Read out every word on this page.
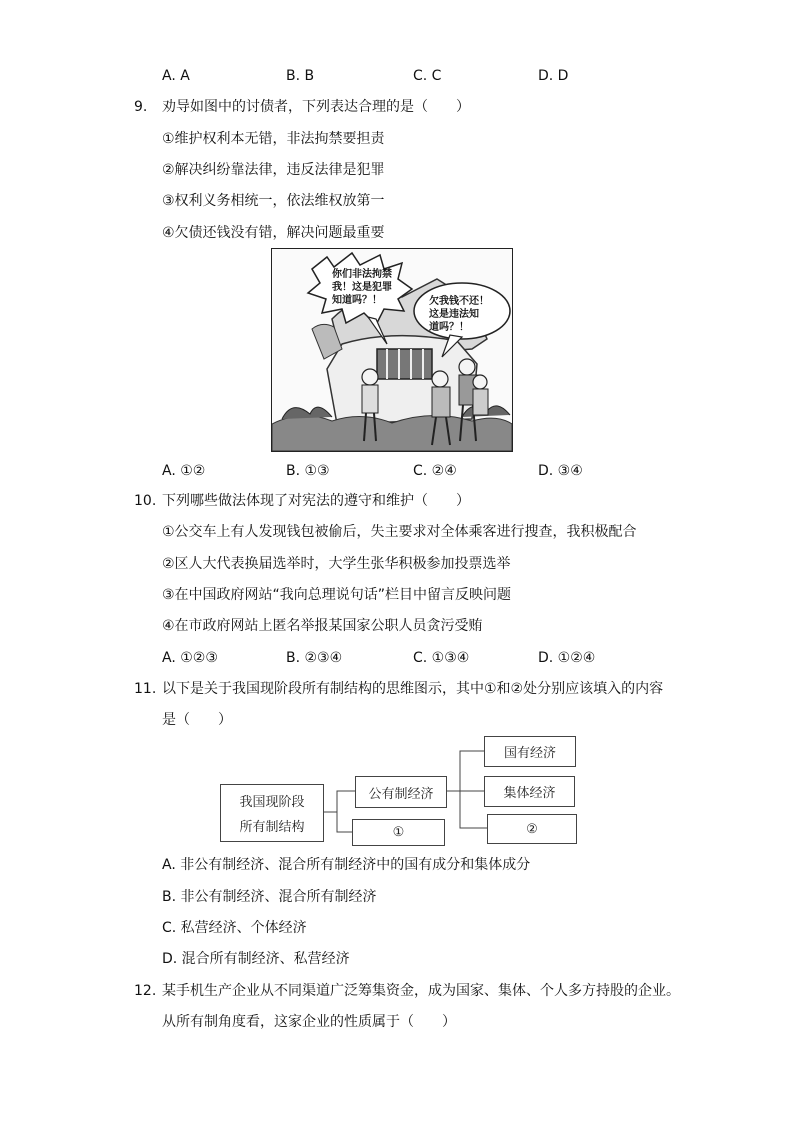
A. A	B. B	C. C	D. D
9. 劝导如图中的讨债者，下列表达合理的是（　　）
①维护权利本无错，非法拘禁要担责
②解决纠纷靠法律，违反法律是犯罪
③权利义务相统一，依法维权放第一
④欠债还钱没有错，解决问题最重要
你们非法拘禁
我！这是犯罪
知道吗？！	欠我钱不还！
这是违法知
道吗？！
A. ①②	B. ①③	C. ②④	D. ③④
10. 下列哪些做法体现了对宪法的遵守和维护（　　）
①公交车上有人发现钱包被偷后，失主要求对全体乘客进行搜查，我积极配合
②区人大代表换届选举时，大学生张华积极参加投票选举
③在中国政府网站“我向总理说句话”栏目中留言反映问题
④在市政府网站上匿名举报某国家公职人员贪污受贿
A. ①②③	B. ②③④	C. ①③④	D. ①②④
11. 以下是关于我国现阶段所有制结构的思维图示，其中①和②处分别应该填入的内容
是（　　）
我国现阶段
所有制结构
公有制经济
①
国有经济
集体经济
②
A. 非公有制经济、混合所有制经济中的国有成分和集体成分
B. 非公有制经济、混合所有制经济
C. 私营经济、个体经济
D. 混合所有制经济、私营经济
12. 某手机生产企业从不同渠道广泛筹集资金，成为国家、集体、个人多方持股的企业。
从所有制角度看，这家企业的性质属于（　　）
